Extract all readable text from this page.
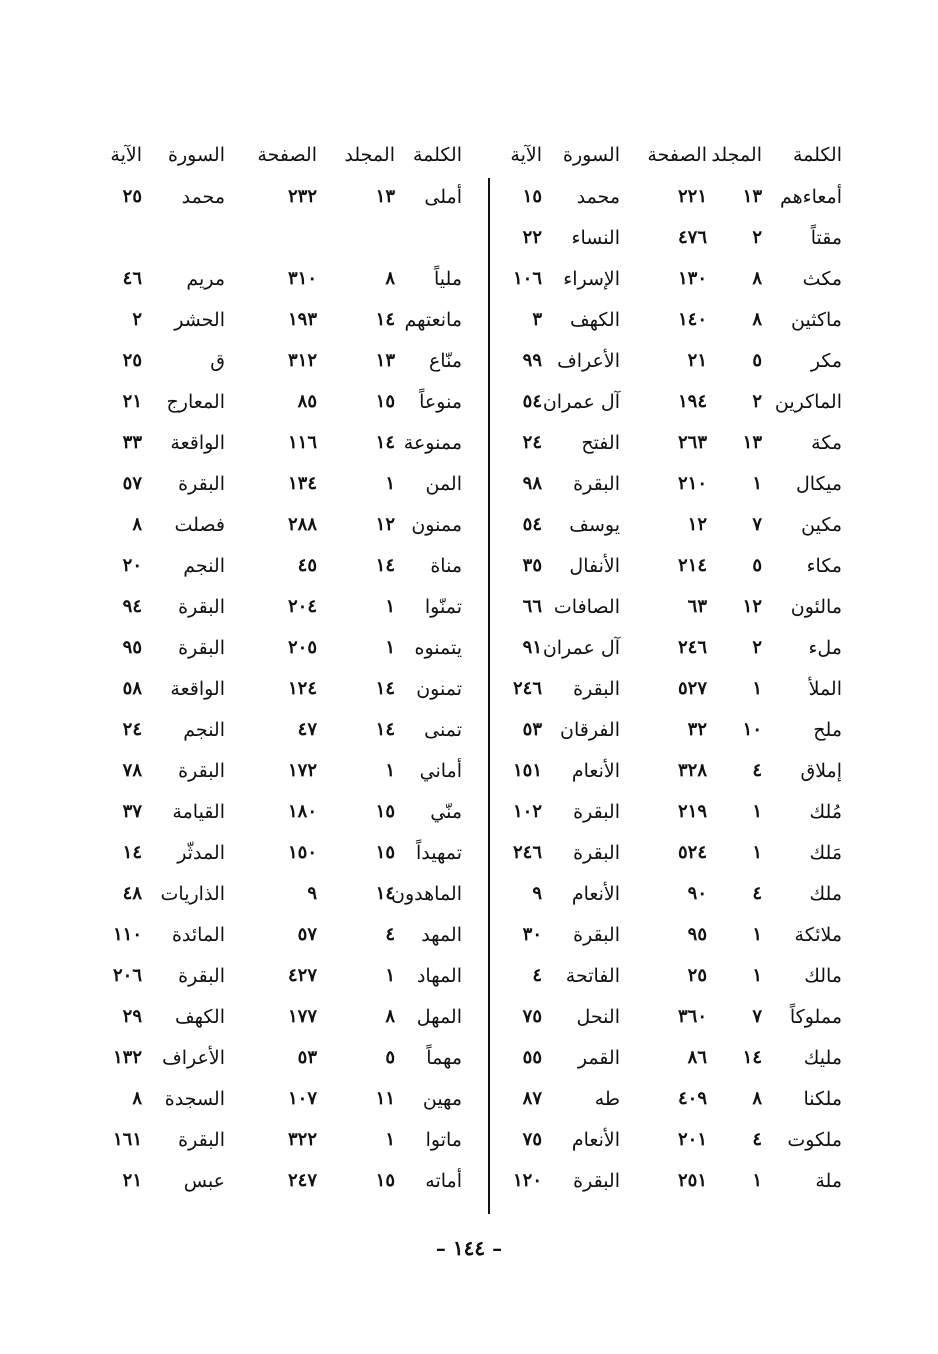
الكلمة
المجلد
الصفحة
السورة
الآية
أمعاءهم
١٣
٢٢١
محمد
١٥
مقتاً
٢
٤٧٦
النساء
٢٢
مكث
٨
١٣٠
الإسراء
١٠٦
ماكثين
٨
١٤٠
الكهف
٣
مكر
٥
٢١
الأعراف
٩٩
الماكرين
٢
١٩٤
آل عمران
٥٤
مكة
١٣
٢٦٣
الفتح
٢٤
ميكال
١
٢١٠
البقرة
٩٨
مكين
٧
١٢
يوسف
٥٤
مكاء
٥
٢١٤
الأنفال
٣٥
مالئون
١٢
٦٣
الصافات
٦٦
ملء
٢
٢٤٦
آل عمران
٩١
الملأ
١
٥٢٧
البقرة
٢٤٦
ملح
١٠
٣٢
الفرقان
٥٣
إملاق
٤
٣٢٨
الأنعام
١٥١
مُلك
١
٢١٩
البقرة
١٠٢
مَلك
١
٥٢٤
البقرة
٢٤٦
ملك
٤
٩٠
الأنعام
٩
ملائكة
١
٩٥
البقرة
٣٠
مالك
١
٢٥
الفاتحة
٤
مملوكاً
٧
٣٦٠
النحل
٧٥
مليك
١٤
٨٦
القمر
٥٥
ملكنا
٨
٤٠٩
طه
٨٧
ملكوت
٤
٢٠١
الأنعام
٧٥
ملة
١
٢٥١
البقرة
١٢٠
الكلمة
المجلد
الصفحة
السورة
الآية
أملى
١٣
٢٣٢
محمد
٢٥
ملياً
٨
٣١٠
مريم
٤٦
مانعتهم
١٤
١٩٣
الحشر
٢
منّاع
١٣
٣١٢
ق
٢٥
منوعاً
١٥
٨٥
المعارج
٢١
ممنوعة
١٤
١١٦
الواقعة
٣٣
المن
١
١٣٤
البقرة
٥٧
ممنون
١٢
٢٨٨
فصلت
٨
مناة
١٤
٤٥
النجم
٢٠
تمنّوا
١
٢٠٤
البقرة
٩٤
يتمنوه
١
٢٠٥
البقرة
٩٥
تمنون
١٤
١٢٤
الواقعة
٥٨
تمنى
١٤
٤٧
النجم
٢٤
أماني
١
١٧٢
البقرة
٧٨
منّي
١٥
١٨٠
القيامة
٣٧
تمهيداً
١٥
١٥٠
المدثّر
١٤
الماهدون
١٤
٩
الذاريات
٤٨
المهد
٤
٥٧
المائدة
١١٠
المهاد
١
٤٢٧
البقرة
٢٠٦
المهل
٨
١٧٧
الكهف
٢٩
مهماً
٥
٥٣
الأعراف
١٣٢
مهين
١١
١٠٧
السجدة
٨
ماتوا
١
٣٢٢
البقرة
١٦١
أماته
١٥
٢٤٧
عبس
٢١
– ١٤٤ –
